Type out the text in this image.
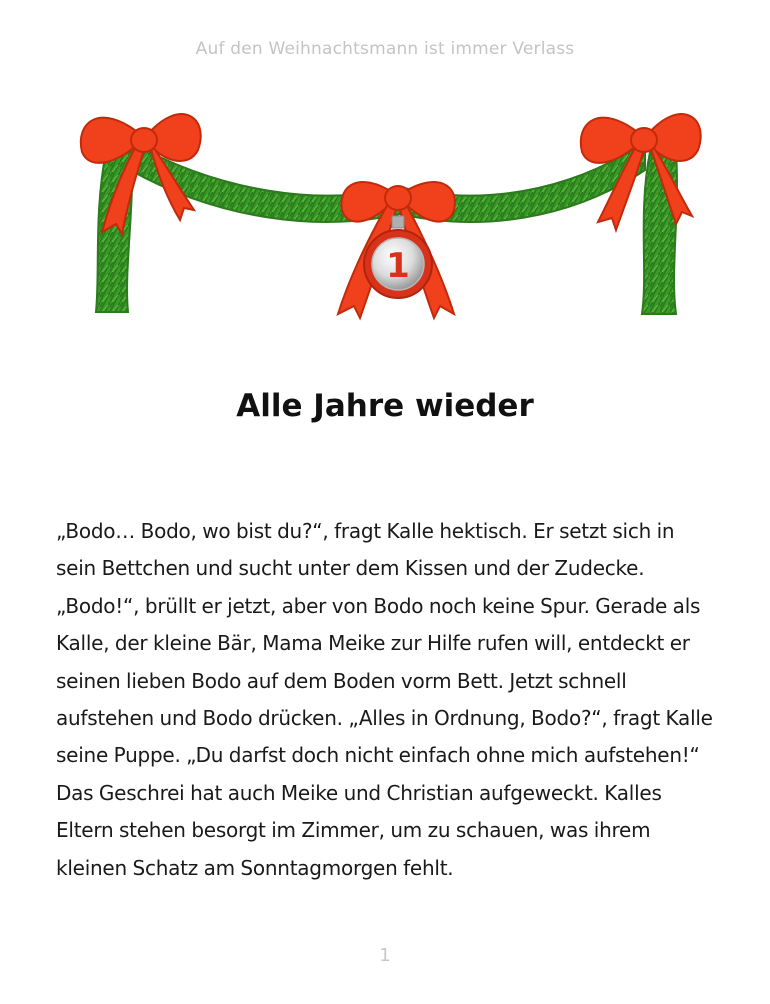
Auf den Weihnachtsmann ist immer Verlass
1
Alle Jahre wieder

„Bodo… Bodo, wo bist du?“, fragt Kalle hektisch. Er setzt sich in sein Bettchen und sucht unter dem Kissen und der Zudecke. „Bodo!“, brüllt er jetzt, aber von Bodo noch keine Spur. Gerade als Kalle, der kleine Bär, Mama Meike zur Hilfe rufen will, entdeckt er seinen lieben Bodo auf dem Boden vorm Bett. Jetzt schnell aufstehen und Bodo drücken. „Alles in Ordnung, Bodo?“, fragt Kalle seine Puppe. „Du darfst doch nicht einfach ohne mich aufstehen!“ Das Geschrei hat auch Meike und Christian aufgeweckt. Kalles Eltern stehen besorgt im Zimmer, um zu schauen, was ihrem kleinen Schatz am Sonntagmorgen fehlt.

1
